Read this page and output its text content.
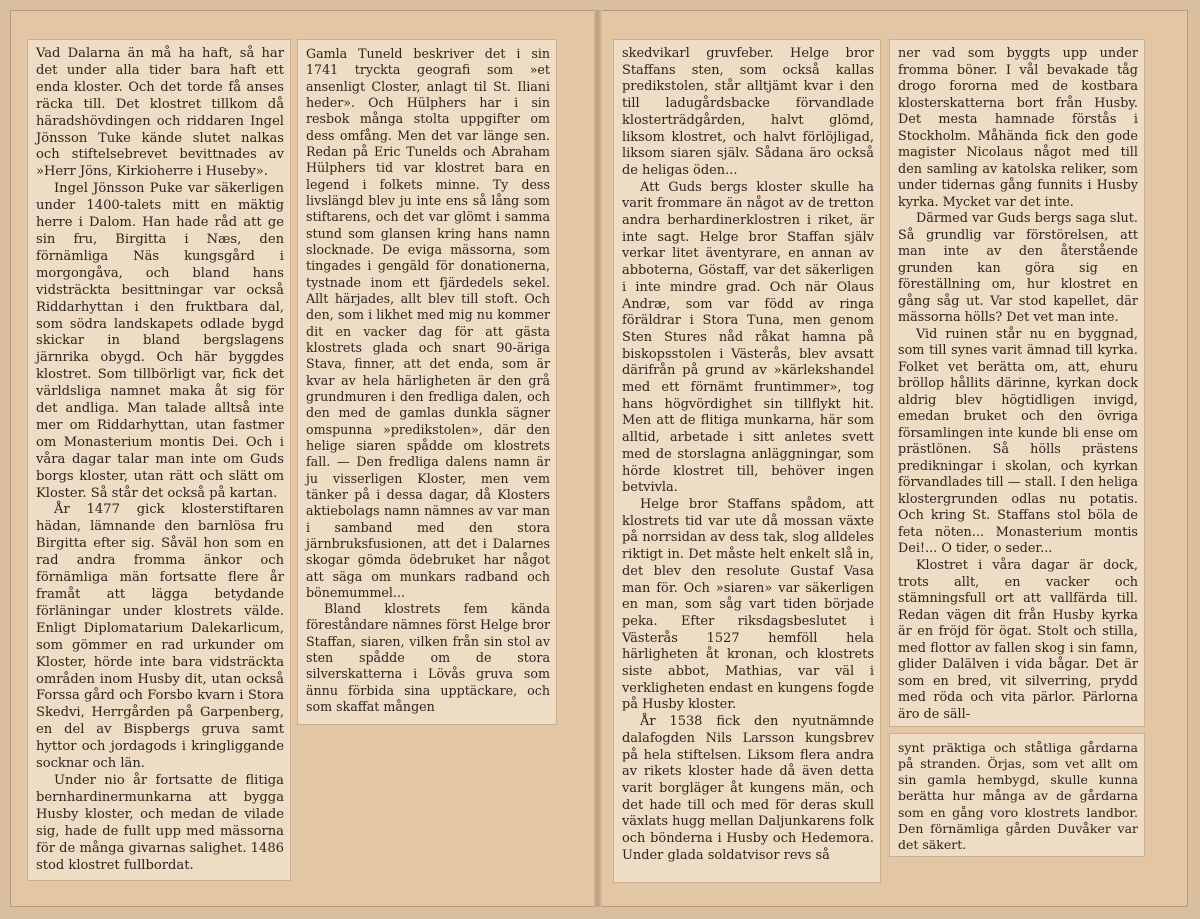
Vad Dalarna än må ha haft, så har det under alla tider bara haft ett enda kloster. Och det torde få anses räcka till. Det klostret tillkom då häradshövdingen och riddaren Ingel Jönsson Tuke kände slutet nalkas och stiftelsebrevet bevittnades av »Herr Jöns, Kirkioherre i Huseby».

Ingel Jönsson Puke var säkerligen under 1400-talets mitt en mäktig herre i Dalom. Han hade råd att ge sin fru, Birgitta i Næs, den förnämliga Näs kungsgård i morgongåva, och bland hans vidsträckta besittningar var också Riddarhyttan i den fruktbara dal, som södra landskapets odlade bygd skickar in bland bergslagens järnrika obygd. Och här byggdes klostret. Som tillbörligt var, fick det världsliga namnet maka åt sig för det andliga. Man talade alltså inte mer om Riddarhyttan, utan fastmer om Monasterium montis Dei. Och i våra dagar talar man inte om Guds borgs kloster, utan rätt och slätt om Kloster. Så står det också på kartan.

År 1477 gick klosterstiftaren hädan, lämnande den barnlösa fru Birgitta efter sig. Såväl hon som en rad andra fromma änkor och förnämliga män fortsatte flere år framåt att lägga betydande förläningar under klostrets välde. Enligt Diplomatarium Dalekarlicum, som gömmer en rad urkunder om Kloster, hörde inte bara vidsträckta områden inom Husby dit, utan också Forssa gård och Forsbo kvarn i Stora Skedvi, Herrgården på Garpenberg, en del av Bispbergs gruva samt hyttor och jordagods i kringliggande socknar och län.

Under nio år fortsatte de flitiga bernhardinermunkarna att bygga Husby kloster, och medan de vilade sig, hade de fullt upp med mässorna för de många givarnas salighet. 1486 stod klostret fullbordat.

Gamla Tuneld beskriver det i sin 1741 tryckta geografi som »et ansenligt Closter, anlagt til St. Iliani heder». Och Hülphers har i sin resbok många stolta uppgifter om dess omfång. Men det var länge sen. Redan på Eric Tunelds och Abraham Hülphers tid var klostret bara en legend i folkets minne. Ty dess livslängd blev ju inte ens så lång som stiftarens, och det var glömt i samma stund som glansen kring hans namn slocknade. De eviga mässorna, som tingades i gengäld för donationerna, tystnade inom ett fjärdedels sekel. Allt härjades, allt blev till stoft. Och den, som i likhet med mig nu kommer dit en vacker dag för att gästa klostrets glada och snart 90-äriga Stava, finner, att det enda, som är kvar av hela härligheten är den grå grundmuren i den fredliga dalen, och den med de gamlas dunkla sägner omspunna »predikstolen», där den helige siaren spådde om klostrets fall. — Den fredliga dalens namn är ju visserligen Kloster, men vem tänker på i dessa dagar, då Klosters aktiebolags namn nämnes av var man i samband med den stora järnbruksfusionen, att det i Dalarnes skogar gömda ödebruket har något att säga om munkars radband och bönemummel...

Bland klostrets fem kända föreståndare nämnes först Helge bror Staffan, siaren, vilken från sin stol av sten spådde om de stora silverskatterna i Lövås gruva som ännu förbida sina upptäckare, och som skaffat mången

skedvikarl gruvfeber. Helge bror Staffans sten, som också kallas predikstolen, står alltjämt kvar i den till ladugårdsbacke förvandlade klosterträdgården, halvt glömd, liksom klostret, och halvt förlöjligad, liksom siaren själv. Sådana äro också de heligas öden...

Att Guds bergs kloster skulle ha varit frommare än något av de tretton andra berhardinerklostren i riket, är inte sagt. Helge bror Staffan själv verkar litet äventyrare, en annan av abboterna, Göstaff, var det säkerligen i inte mindre grad. Och när Olaus Andræ, som var född av ringa föräldrar i Stora Tuna, men genom Sten Stures nåd råkat hamna på biskopsstolen i Västerås, blev avsatt därifrån på grund av »kärlekshandel med ett förnämt fruntimmer», tog hans högvördighet sin tillflykt hit. Men att de flitiga munkarna, här som alltid, arbetade i sitt anletes svett med de storslagna anläggningar, som hörde klostret till, behöver ingen betvivla.

Helge bror Staffans spådom, att klostrets tid var ute då mossan växte på norrsidan av dess tak, slog alldeles riktigt in. Det måste helt enkelt slå in, det blev den resolute Gustaf Vasa man för. Och »siaren» var säkerligen en man, som såg vart tiden började peka. Efter riksdagsbeslutet i Västerås 1527 hemföll hela härligheten åt kronan, och klostrets siste abbot, Mathias, var väl i verkligheten endast en kungens fogde på Husby kloster.

År 1538 fick den nyutnämnde dalafogden Nils Larsson kungsbrev på hela stiftelsen. Liksom flera andra av rikets kloster hade då även detta varit borgläger åt kungens män, och det hade till och med för deras skull växlats hugg mellan Daljunkarens folk och bönderna i Husby och Hedemora. Under glada soldatvisor revs så

ner vad som byggts upp under fromma böner. I vål bevakade tåg drogo fororna med de kostbara klosterskatterna bort från Husby. Det mesta hamnade förstås i Stockholm. Måhända fick den gode magister Nicolaus något med till den samling av katolska reliker, som under tidernas gång funnits i Husby kyrka. Mycket var det inte.

Därmed var Guds bergs saga slut. Så grundlig var förstörelsen, att man inte av den återstående grunden kan göra sig en föreställning om, hur klostret en gång såg ut. Var stod kapellet, där mässorna hölls? Det vet man inte.

Vid ruinen står nu en byggnad, som till synes varit ämnad till kyrka. Folket vet berätta om, att, ehuru bröllop hållits därinne, kyrkan dock aldrig blev högtidligen invigd, emedan bruket och den övriga församlingen inte kunde bli ense om prästlönen. Så hölls prästens predikningar i skolan, och kyrkan förvandlades till — stall. I den heliga klostergrunden odlas nu potatis. Och kring St. Staffans stol böla de feta nöten... Monasterium montis Dei!... O tider, o seder...

Klostret i våra dagar är dock, trots allt, en vacker och stämningsfull ort att vallfärda till. Redan vägen dit från Husby kyrka är en fröjd för ögat. Stolt och stilla, med flottor av fallen skog i sin famn, glider Dalälven i vida bågar. Det är som en bred, vit silverring, prydd med röda och vita pärlor. Pärlorna äro de säll-

synt präktiga och ståtliga gårdarna på stranden. Örjas, som vet allt om sin gamla hembygd, skulle kunna berätta hur många av de gårdarna som en gång voro klostrets landbor. Den förnämliga gården Duvåker var det säkert.
